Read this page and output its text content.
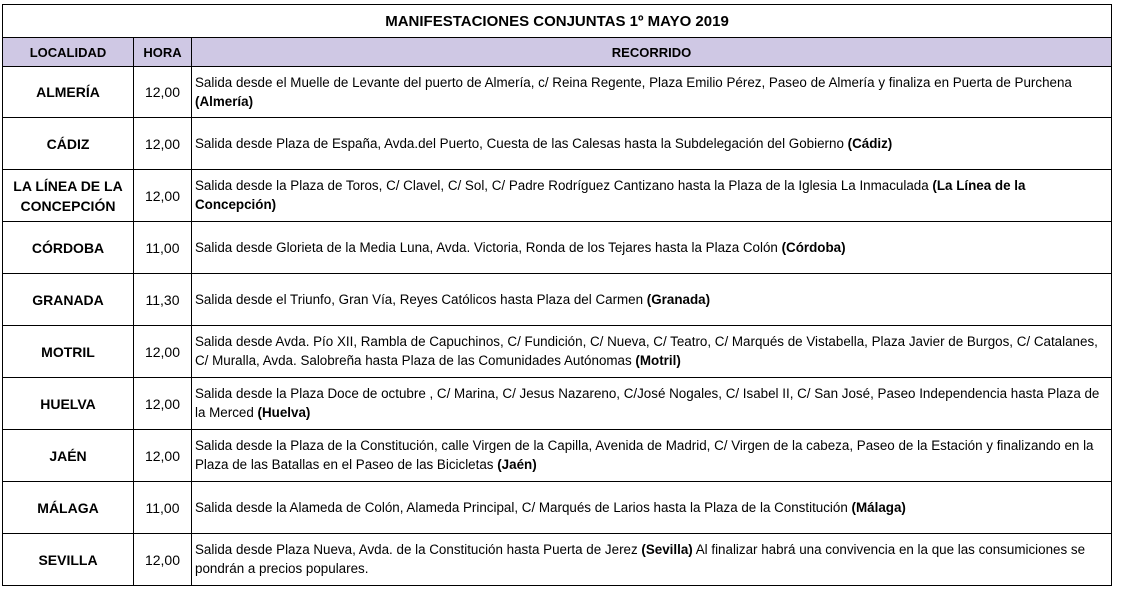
MANIFESTACIONES CONJUNTAS 1º MAYO 2019		
LOCALIDAD	HORA	RECORRIDO
ALMERÍA	12,00	Salida desde el Muelle de Levante del puerto de Almería, c/ Reina Regente, Plaza Emilio Pérez, Paseo de Almería y finaliza en Puerta de Purchena (Almería)
CÁDIZ	12,00	Salida desde Plaza de España, Avda.del Puerto, Cuesta de las Calesas hasta la Subdelegación del Gobierno (Cádiz)
LA LÍNEA DE LA CONCEPCIÓN	12,00	Salida desde la Plaza de Toros, C/ Clavel, C/ Sol, C/ Padre Rodríguez Cantizano hasta la Plaza de la Iglesia La Inmaculada (La Línea de la Concepción)
CÓRDOBA	11,00	Salida desde Glorieta de la Media Luna, Avda. Victoria, Ronda de los Tejares hasta la Plaza Colón (Córdoba)
GRANADA	11,30	Salida desde el Triunfo, Gran Vía, Reyes Católicos hasta Plaza del Carmen (Granada)
MOTRIL	12,00	Salida desde Avda. Pío XII, Rambla de Capuchinos, C/ Fundición, C/ Nueva, C/ Teatro, C/ Marqués de Vistabella, Plaza Javier de Burgos, C/ Catalanes, C/ Muralla, Avda. Salobreña hasta Plaza de las Comunidades Autónomas (Motril)
HUELVA	12,00	Salida desde la Plaza Doce de octubre , C/ Marina, C/ Jesus Nazareno, C/José Nogales, C/ Isabel II, C/ San José, Paseo Independencia hasta Plaza de la Merced (Huelva)
JAÉN	12,00	Salida desde la Plaza de la Constitución, calle Virgen de la Capilla, Avenida de Madrid, C/ Virgen de la cabeza, Paseo de la Estación y finalizando en la Plaza de las Batallas en el Paseo de las Bicicletas (Jaén)
MÁLAGA	11,00	Salida desde la Alameda de Colón, Alameda Principal, C/ Marqués de Larios hasta la Plaza de la Constitución (Málaga)
SEVILLA	12,00	Salida desde Plaza Nueva, Avda. de la Constitución hasta Puerta de Jerez (Sevilla) Al finalizar habrá una convivencia en la que las consumiciones se pondrán a precios populares.
